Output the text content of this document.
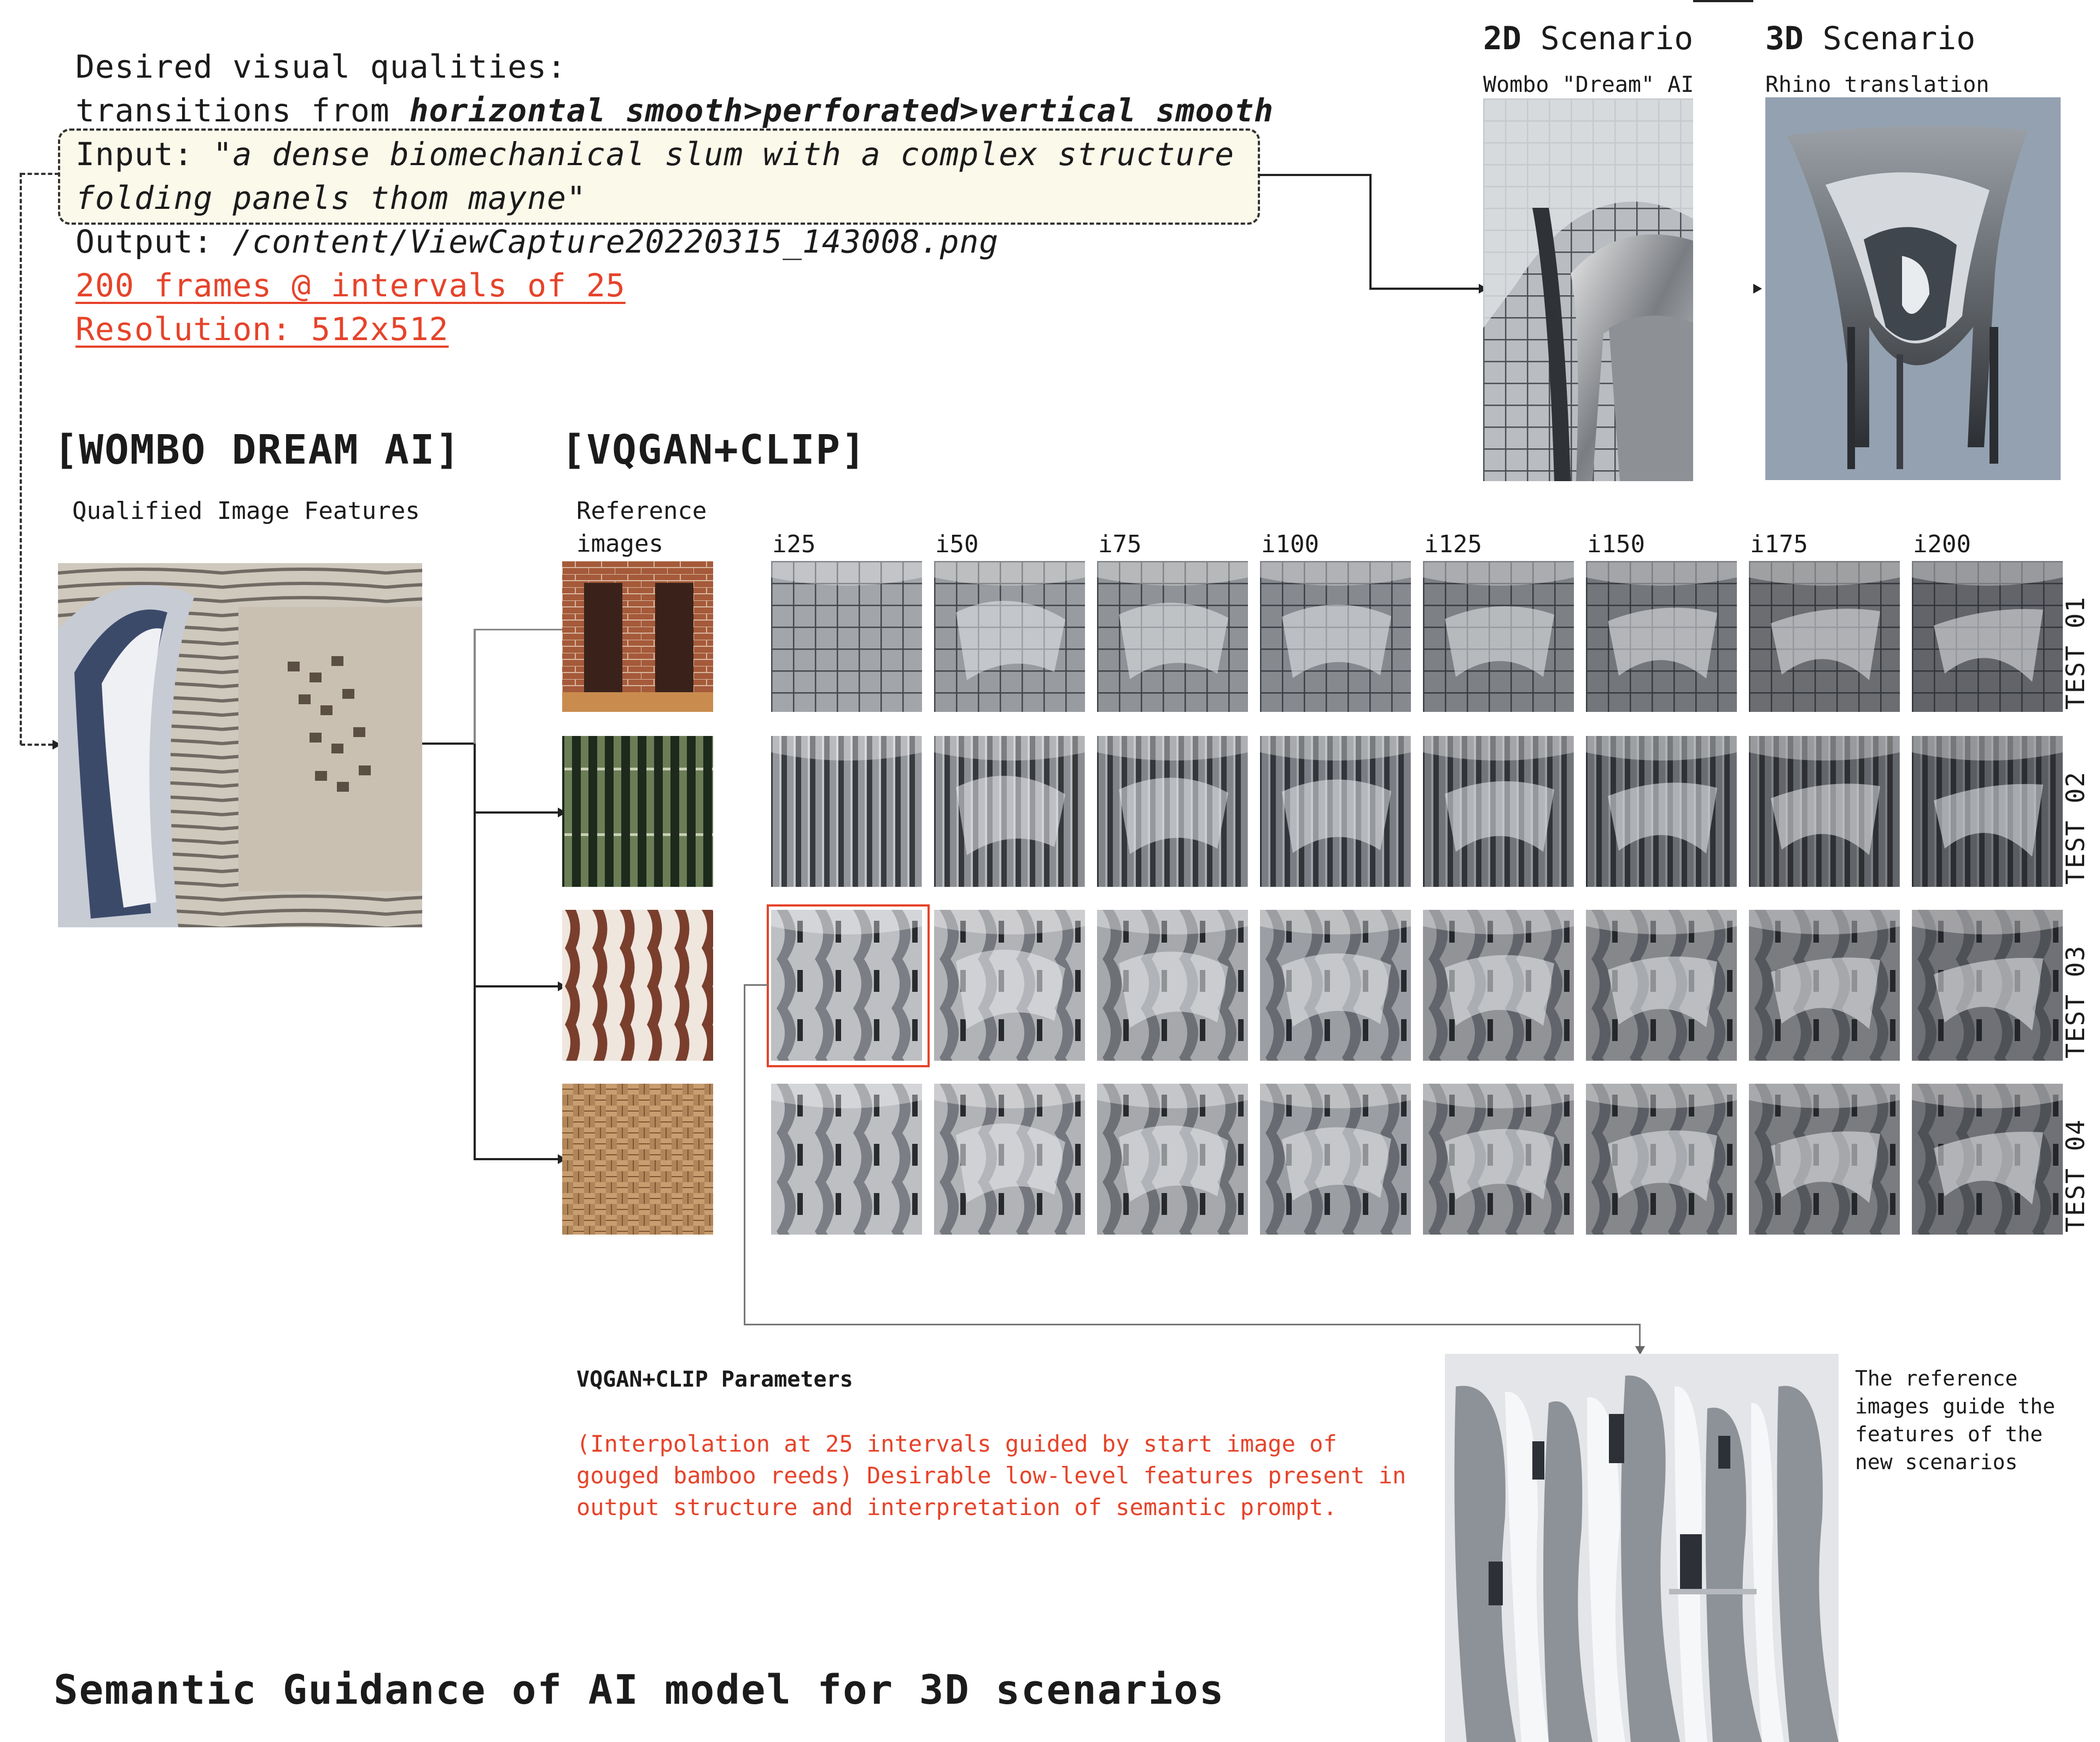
Desired visual qualities:
transitions from horizontal smooth>perforated>vertical smooth
Input: "a dense biomechanical slum with a complex structure
folding panels thom mayne"
Output: /content/ViewCapture20220315_143008.png
200 frames @ intervals of 25
Resolution: 512x512
2D Scenario
Wombo "Dream" AI
3D Scenario
Rhino translation
[WOMBO DREAM AI]
Qualified Image Features
[VQGAN+CLIP]
Reference
images	i25	i50	i75	i100	i125	i150	i175	i200
TEST 01
TEST 02
TEST 03
TEST 04
VQGAN+CLIP Parameters
(Interpolation at 25 intervals guided by start image of
gouged bamboo reeds) Desirable low-level features present in
output structure and interpretation of semantic prompt.
The reference
images guide the
features of the
new scenarios
Semantic Guidance of AI model for 3D scenarios
